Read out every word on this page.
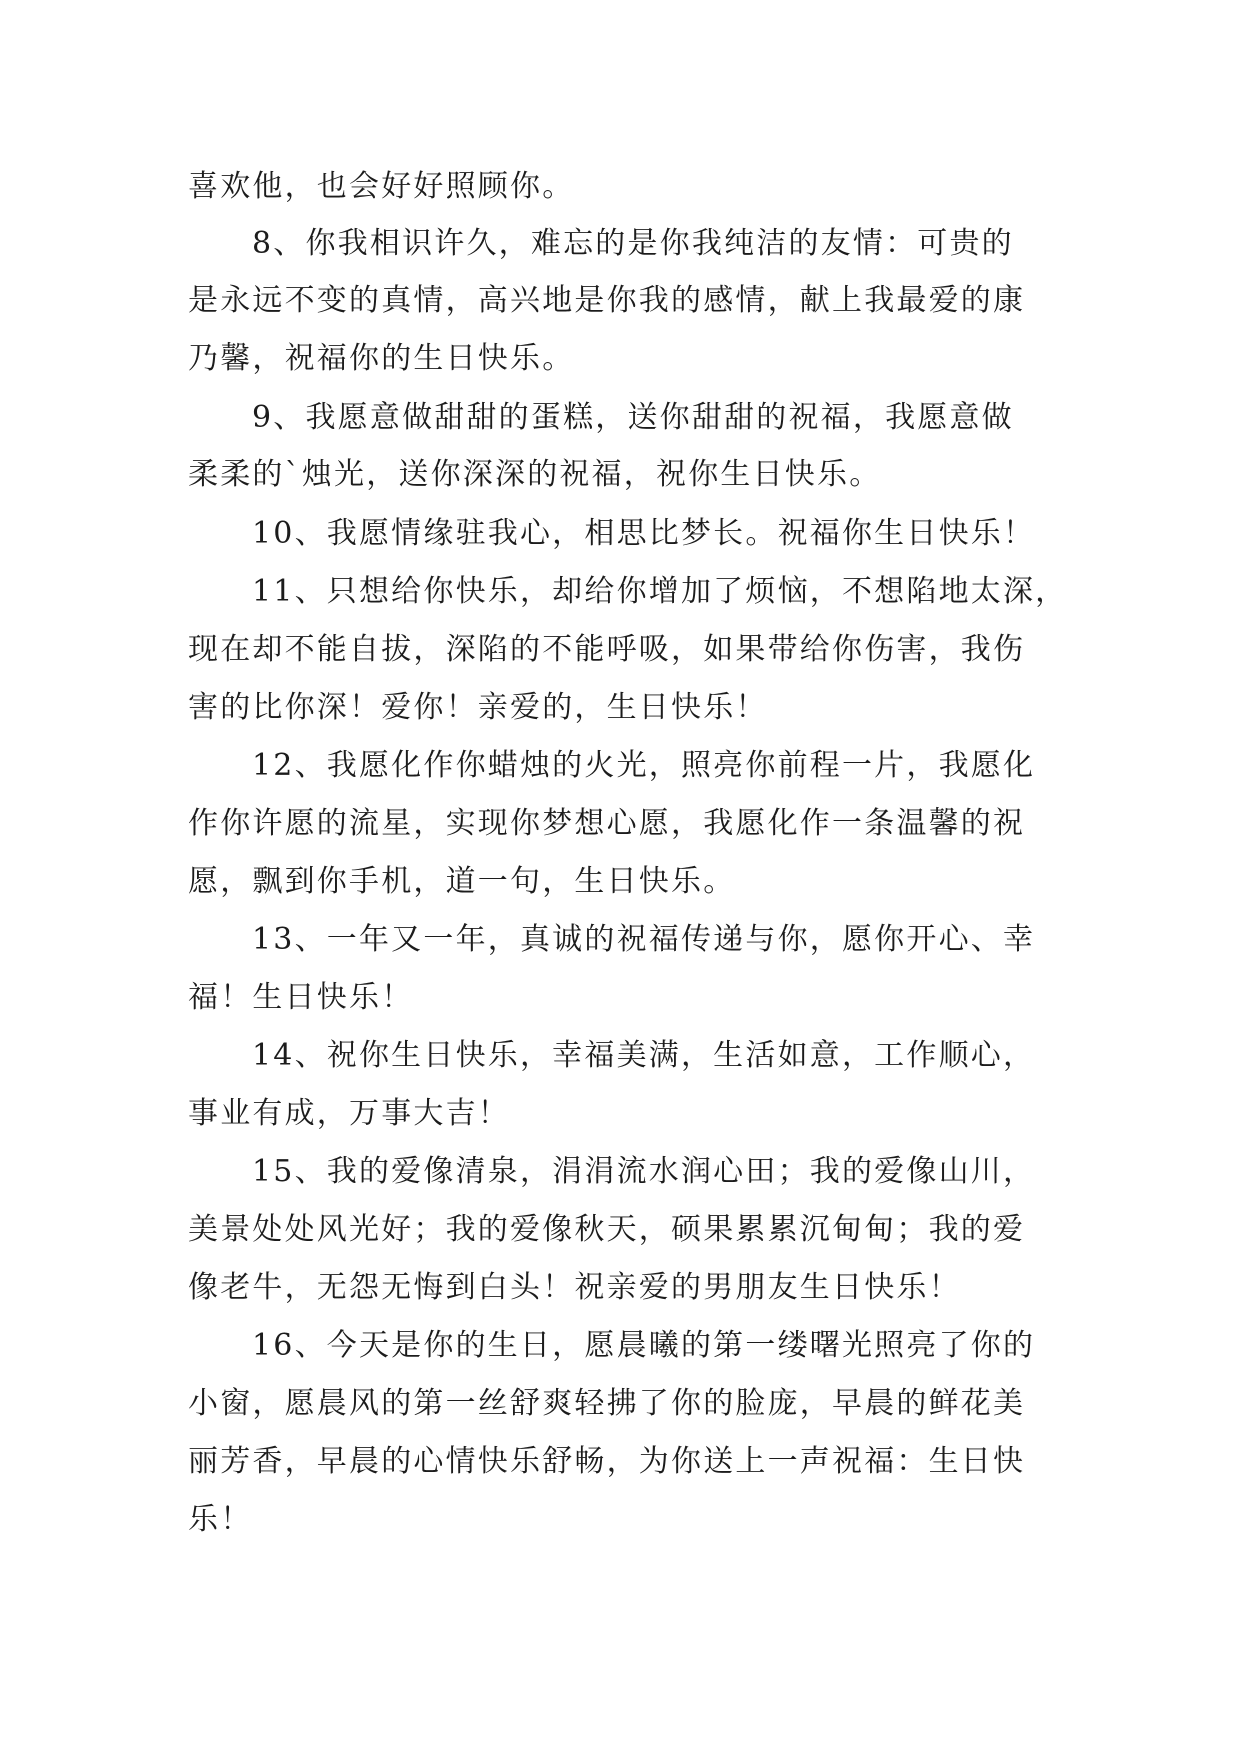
喜欢他，也会好好照顾你。
8、你我相识许久，难忘的是你我纯洁的友情：可贵的
是永远不变的真情，高兴地是你我的感情，献上我最爱的康
乃馨，祝福你的生日快乐。
9、我愿意做甜甜的蛋糕，送你甜甜的祝福，我愿意做
柔柔的`烛光，送你深深的祝福，祝你生日快乐。
10、我愿情缘驻我心，相思比梦长。祝福你生日快乐！
11、只想给你快乐，却给你增加了烦恼，不想陷地太深，
现在却不能自拔，深陷的不能呼吸，如果带给你伤害，我伤
害的比你深！爱你！亲爱的，生日快乐！
12、我愿化作你蜡烛的火光，照亮你前程一片，我愿化
作你许愿的流星，实现你梦想心愿，我愿化作一条温馨的祝
愿，飘到你手机，道一句，生日快乐。
13、一年又一年，真诚的祝福传递与你，愿你开心、幸
福！生日快乐！
14、祝你生日快乐，幸福美满，生活如意，工作顺心，
事业有成，万事大吉！
15、我的爱像清泉，涓涓流水润心田；我的爱像山川，
美景处处风光好；我的爱像秋天，硕果累累沉甸甸；我的爱
像老牛，无怨无悔到白头！祝亲爱的男朋友生日快乐！
16、今天是你的生日，愿晨曦的第一缕曙光照亮了你的
小窗，愿晨风的第一丝舒爽轻拂了你的脸庞，早晨的鲜花美
丽芳香，早晨的心情快乐舒畅，为你送上一声祝福：生日快
乐！
